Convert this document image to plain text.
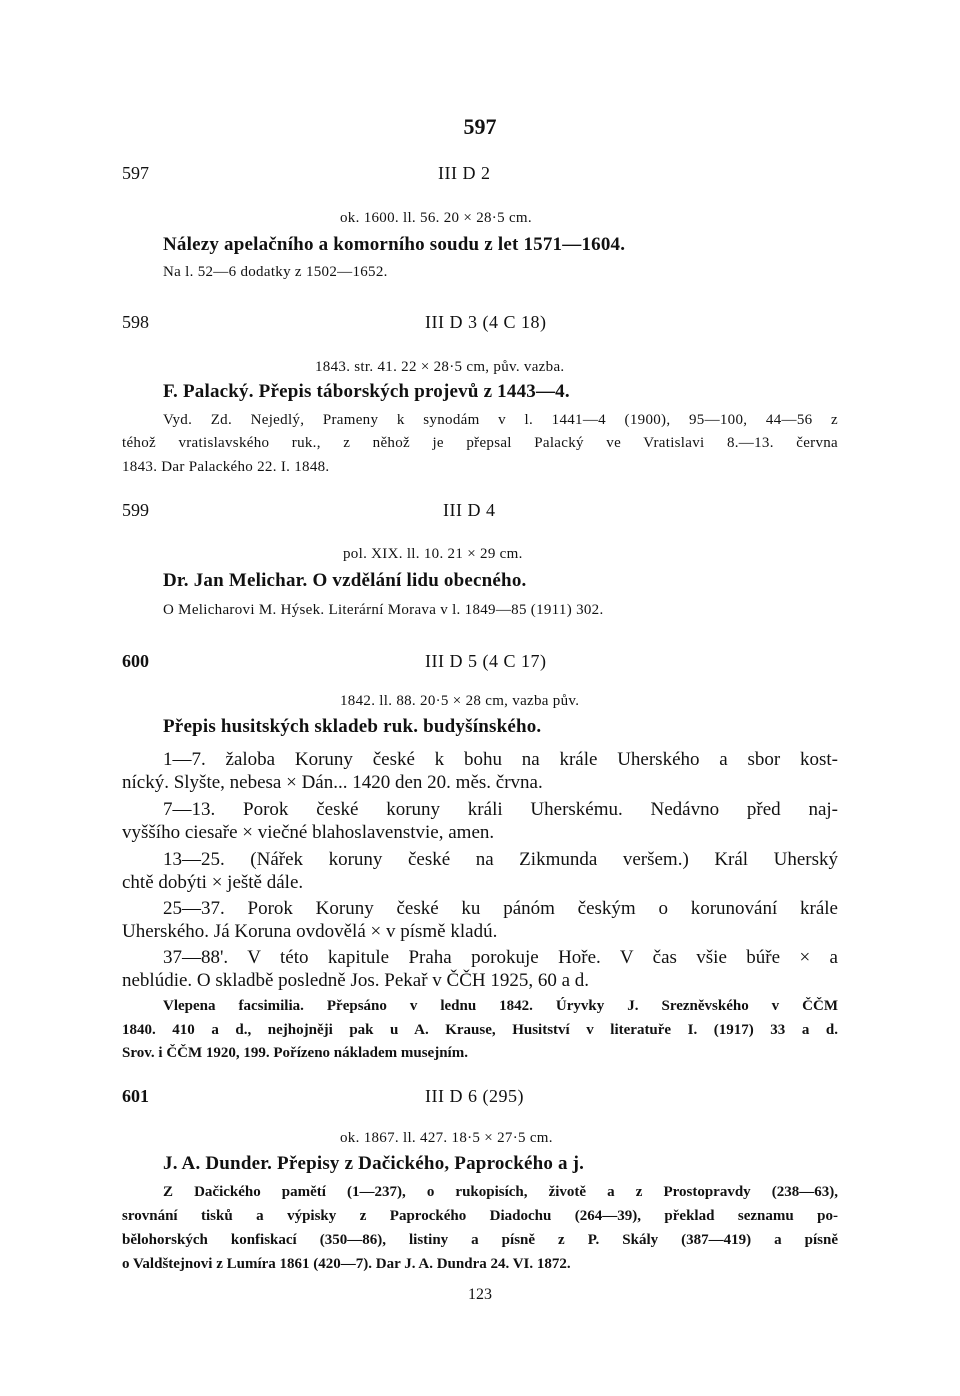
597
597	III D 2
ok. 1600. ll. 56. 20 × 28·5 cm.
Nálezy apelačního a komorního soudu z let 1571—1604.
Na l. 52—6 dodatky z 1502—1652.
598	III D 3 (4 C 18)
1843. str. 41. 22 × 28·5 cm, pův. vazba.
F. Palacký. Přepis táborských projevů z 1443—4.
Vyd. Zd. Nejedlý, Prameny k synodám v l. 1441—4 (1900), 95—100, 44—56 z
téhož vratislavského ruk., z něhož je přepsal Palacký ve Vratislavi 8.—13. června
1843. Dar Palackého 22. I. 1848.
599	III D 4
pol. XIX. ll. 10. 21 × 29 cm.
Dr. Jan Melichar. O vzdělání lidu obecného.
O Melicharovi M. Hýsek. Literární Morava v l. 1849—85 (1911) 302.
600	III D 5 (4 C 17)
1842. ll. 88. 20·5 × 28 cm, vazba pův.
Přepis husitských skladeb ruk. budyšínského.
1—7. žaloba Koruny české k bohu na krále Uherského a sbor kost-
nícký. Slyšte, nebesa × Dán... 1420 den 20. měs. črvna.
7—13. Porok české koruny králi Uherskému. Nedávno před naj-
vyššího ciesaře × viečné blahoslavenstvie, amen.
13—25. (Nářek koruny české na Zikmunda veršem.) Král Uherský
chtě dobýti × ještě dále.
25—37. Porok Koruny české ku pánóm českým o korunování krále
Uherského. Já Koruna ovdovělá × v písmě kladú.
37—88'. V této kapitule Praha porokuje Hoře. V čas všie búře × a
neblúdie. O skladbě posledně Jos. Pekař v ČČH 1925, 60 a d.
Vlepena facsimilia. Přepsáno v lednu 1842. Úryvky J. Srezněvského v ČČM
1840. 410 a d., nejhojněji pak u A. Krause, Husitství v literatuře I. (1917) 33 a d.
Srov. i ČČM 1920, 199. Pořízeno nákladem musejním.
601	III D 6 (295)
ok. 1867. ll. 427. 18·5 × 27·5 cm.
J. A. Dunder. Přepisy z Dačického, Paprockého a j.
Z Dačického pamětí (1—237), o rukopisích, životě a z Prostopravdy (238—63),
srovnání tisků a výpisky z Paprockého Diadochu (264—39), překlad seznamu po-
bělohorských konfiskací (350—86), listiny a písně z P. Skály (387—419) a písně
o Valdštejnovi z Lumíra 1861 (420—7). Dar J. A. Dundra 24. VI. 1872.
123
